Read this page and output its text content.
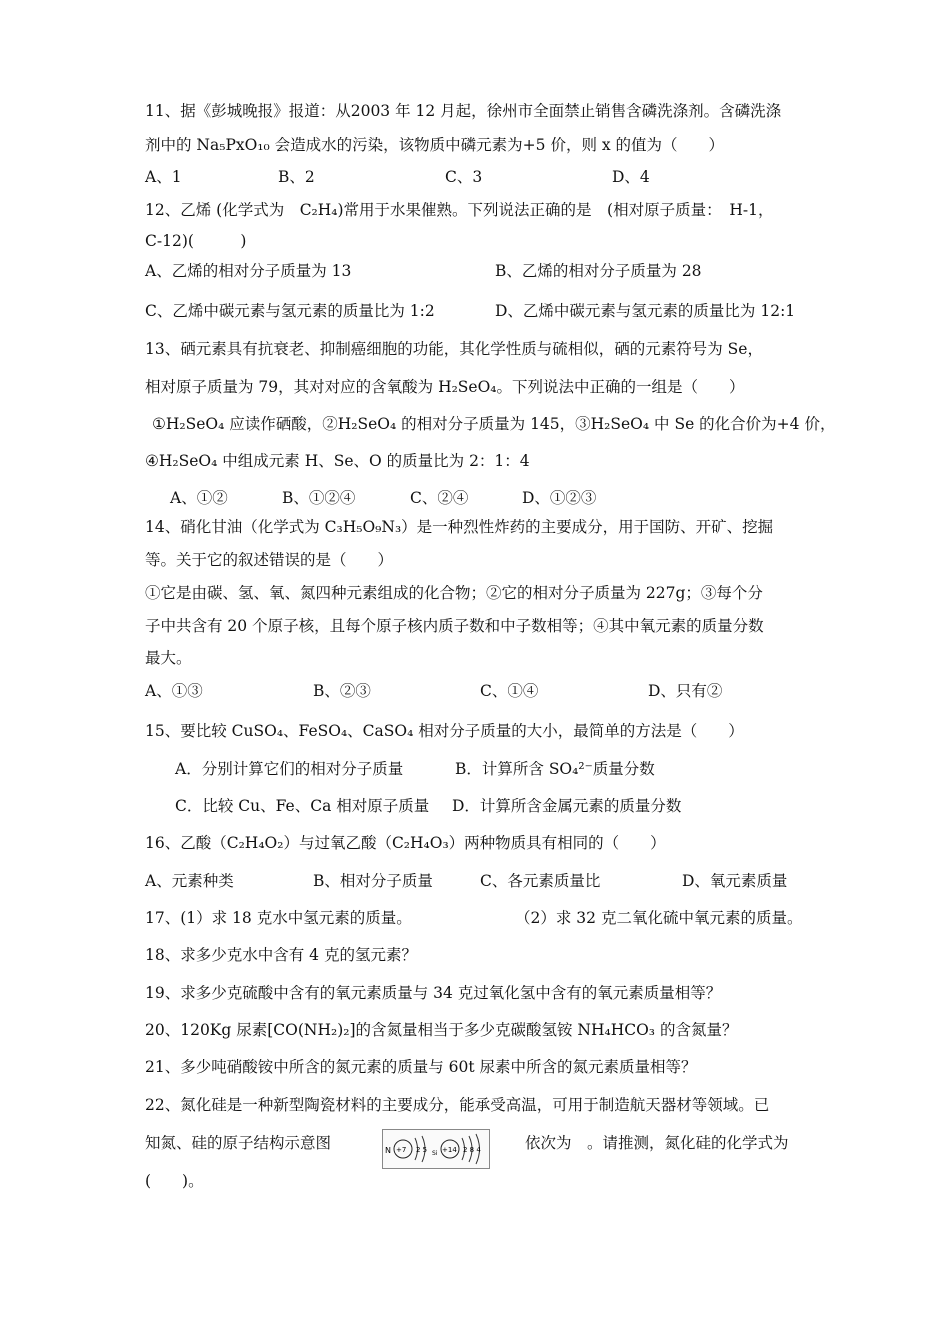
11、据《彭城晚报》报道：从2003 年 12 月起，徐州市全面禁止销售含磷洗涤剂。含磷洗涤
剂中的 Na₅PxO₁₀ 会造成水的污染，该物质中磷元素为+5 价，则 x 的值为（　　）
A、1	B、2	C、3	D、4
12、乙烯 (化学式为　C₂H₄)常用于水果催熟。下列说法正确的是　(相对原子质量：　H-1，
C-12)(　　　)
A、乙烯的相对分子质量为 13	B、乙烯的相对分子质量为 28
C、乙烯中碳元素与氢元素的质量比为 1:2	D、乙烯中碳元素与氢元素的质量比为 12:1
13、硒元素具有抗衰老、抑制癌细胞的功能，其化学性质与硫相似，硒的元素符号为 Se，
相对原子质量为 79，其对对应的含氧酸为 H₂SeO₄。下列说法中正确的一组是（　　）
①H₂SeO₄ 应读作硒酸，②H₂SeO₄ 的相对分子质量为 145，③H₂SeO₄ 中 Se 的化合价为+4 价，
④H₂SeO₄ 中组成元素 H、Se、O 的质量比为 2：1：4
A、①②	B、①②④	C、②④	D、①②③
14、硝化甘油（化学式为 C₃H₅O₉N₃）是一种烈性炸药的主要成分，用于国防、开矿、挖掘
等。关于它的叙述错误的是（　　）
①它是由碳、氢、氧、氮四种元素组成的化合物；②它的相对分子质量为 227g；③每个分
子中共含有 20 个原子核，且每个原子核内质子数和中子数相等；④其中氧元素的质量分数
最大。
A、①③	B、②③	C、①④	D、只有②
15、要比较 CuSO₄、FeSO₄、CaSO₄ 相对分子质量的大小，最简单的方法是（　　）
A．分别计算它们的相对分子质量	B．计算所含 SO₄²⁻质量分数
C．比较 Cu、Fe、Ca 相对原子质量 D．计算所含金属元素的质量分数
16、乙酸（C₂H₄O₂）与过氧乙酸（C₂H₄O₃）两种物质具有相同的（　　）
A、元素种类	B、相对分子质量	C、各元素质量比	D、氧元素质量
17、(1）求 18 克水中氢元素的质量。	（2）求 32 克二氧化硫中氧元素的质量。
18、求多少克水中含有 4 克的氢元素？
19、求多少克硫酸中含有的氧元素质量与 34 克过氧化氢中含有的氧元素质量相等？
20、120Kg 尿素[CO(NH₂)₂]的含氮量相当于多少克碳酸氢铵 NH₄HCO₃ 的含氮量？
21、多少吨硝酸铵中所含的氮元素的质量与 60t 尿素中所含的氮元素质量相等？
22、氮化硅是一种新型陶瓷材料的主要成分，能承受高温，可用于制造航天器材等领域。已
知氮、硅的原子结构示意图	N +7 2 5 Si +14 2 8 4	依次为　。请推测，氮化硅的化学式为
(　　)。
